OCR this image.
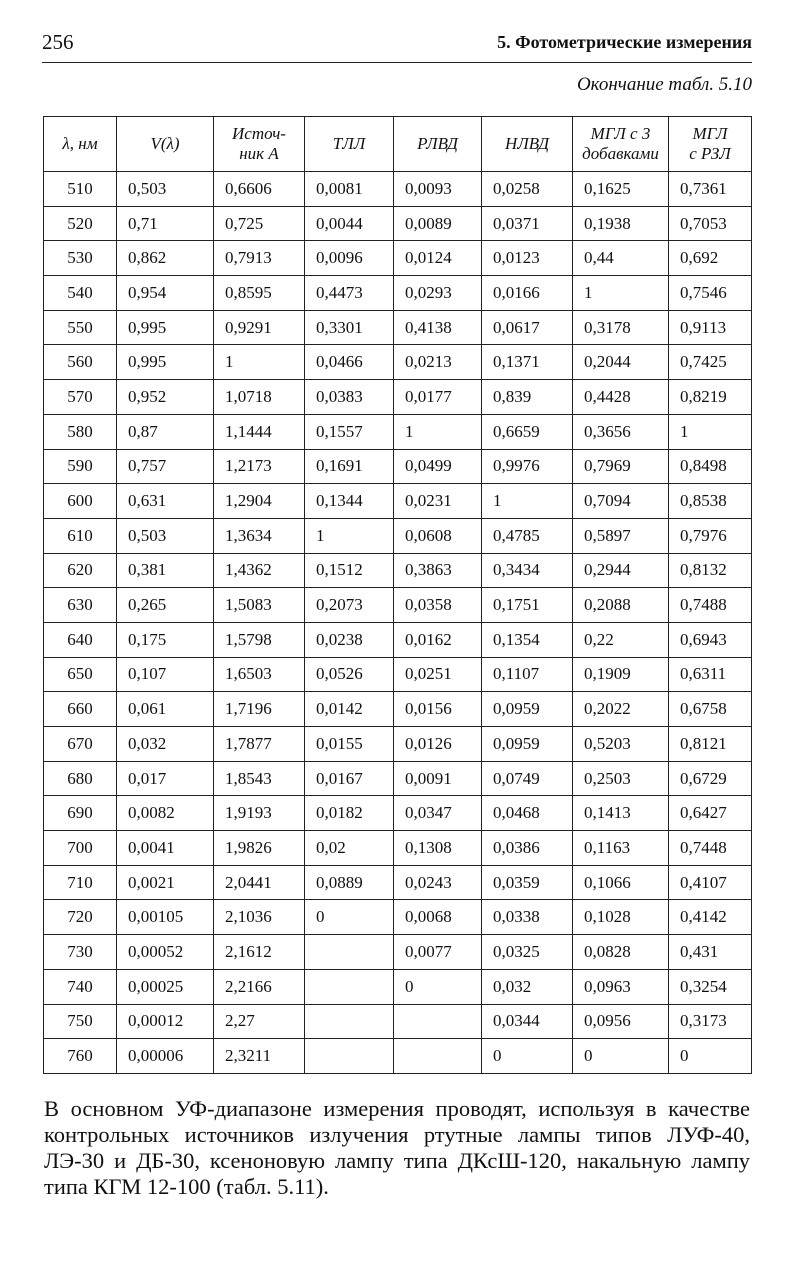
256	5. Фотометрические измерения
Окончание табл. 5.10
λ, нм	V(λ)	Источ-
ник А	ТЛЛ	РЛВД	НЛВД	МГЛ с 3
добавками	МГЛ
с РЗЛ
510	0,503	0,6606	0,0081	0,0093	0,0258	0,1625	0,7361
520	0,71	0,725	0,0044	0,0089	0,0371	0,1938	0,7053
530	0,862	0,7913	0,0096	0,0124	0,0123	0,44	0,692
540	0,954	0,8595	0,4473	0,0293	0,0166	1	0,7546
550	0,995	0,9291	0,3301	0,4138	0,0617	0,3178	0,9113
560	0,995	1	0,0466	0,0213	0,1371	0,2044	0,7425
570	0,952	1,0718	0,0383	0,0177	0,839	0,4428	0,8219
580	0,87	1,1444	0,1557	1	0,6659	0,3656	1
590	0,757	1,2173	0,1691	0,0499	0,9976	0,7969	0,8498
600	0,631	1,2904	0,1344	0,0231	1	0,7094	0,8538
610	0,503	1,3634	1	0,0608	0,4785	0,5897	0,7976
620	0,381	1,4362	0,1512	0,3863	0,3434	0,2944	0,8132
630	0,265	1,5083	0,2073	0,0358	0,1751	0,2088	0,7488
640	0,175	1,5798	0,0238	0,0162	0,1354	0,22	0,6943
650	0,107	1,6503	0,0526	0,0251	0,1107	0,1909	0,6311
660	0,061	1,7196	0,0142	0,0156	0,0959	0,2022	0,6758
670	0,032	1,7877	0,0155	0,0126	0,0959	0,5203	0,8121
680	0,017	1,8543	0,0167	0,0091	0,0749	0,2503	0,6729
690	0,0082	1,9193	0,0182	0,0347	0,0468	0,1413	0,6427
700	0,0041	1,9826	0,02	0,1308	0,0386	0,1163	0,7448
710	0,0021	2,0441	0,0889	0,0243	0,0359	0,1066	0,4107
720	0,00105	2,1036	0	0,0068	0,0338	0,1028	0,4142
730	0,00052	2,1612		0,0077	0,0325	0,0828	0,431
740	0,00025	2,2166		0	0,032	0,0963	0,3254
750	0,00012	2,27			0,0344	0,0956	0,3173
760	0,00006	2,3211			0	0	0
В основном УФ-диапазоне измерения проводят, используя в качестве контрольных источников излучения ртутные лампы типов ЛУФ-40, ЛЭ-30 и ДБ-30, ксеноновую лампу типа ДКсШ-120, накальную лампу типа КГМ 12-100 (табл. 5.11).
